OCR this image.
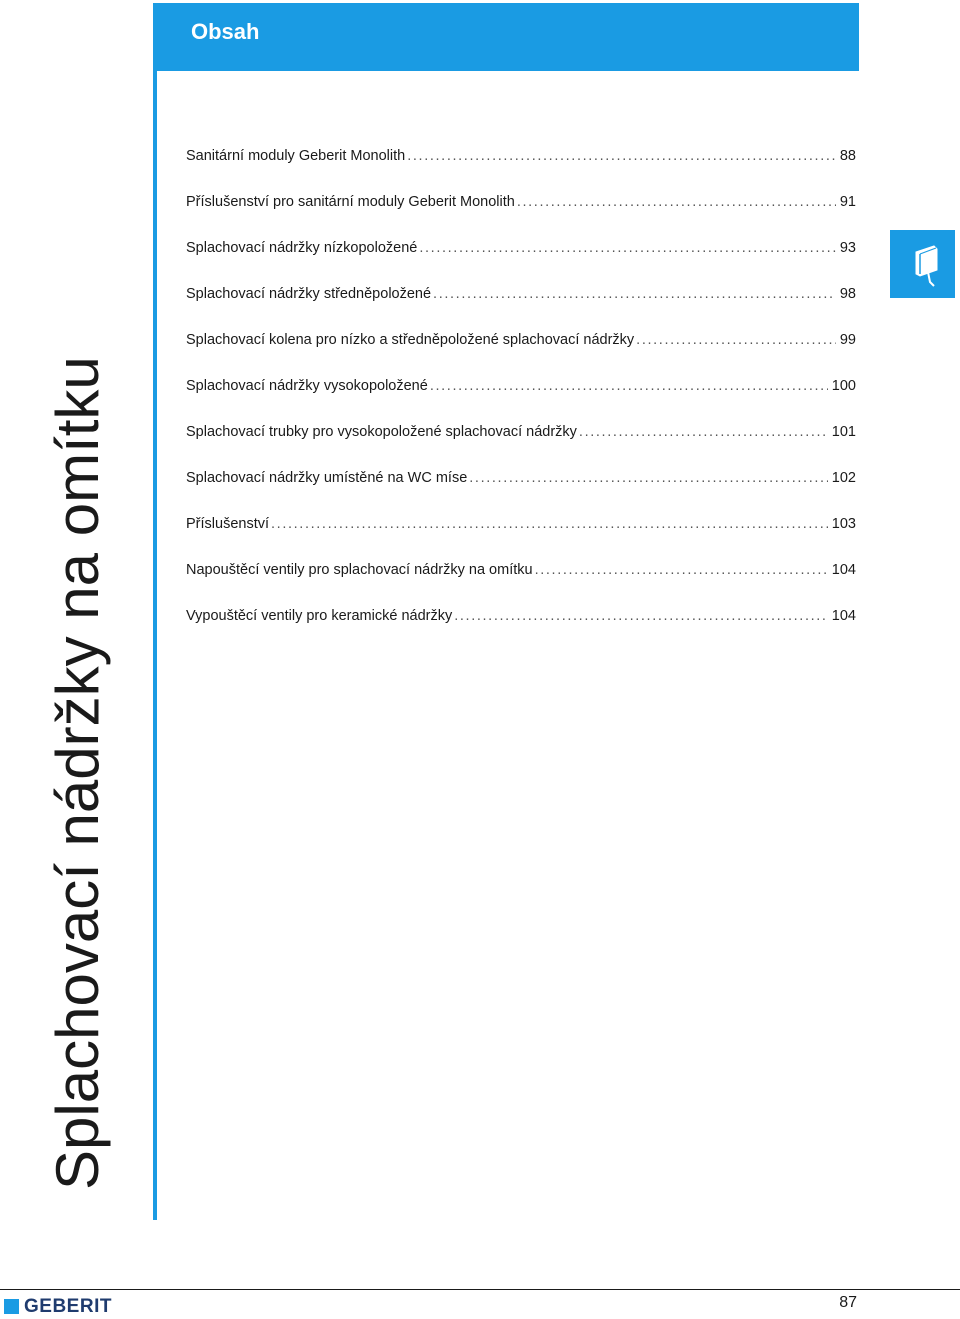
Obsah
Splachovací nádržky na omítku
Sanitární moduly Geberit Monolith . . .	88
Příslušenství pro sanitární moduly Geberit Monolith . . .	91
Splachovací nádržky nízkopoložené . . .	93
Splachovací nádržky středněpoložené . . .	98
Splachovací kolena pro nízko a středněpoložené splachovací nádržky . . .	99
Splachovací nádržky vysokopoložené . . .	100
Splachovací trubky pro vysokopoložené splachovací nádržky . . .	101
Splachovací nádržky umístěné na WC míse . . .	102
Příslušenství . . .	103
Napouštěcí ventily pro splachovací nádržky na omítku . . .	104
Vypouštěcí ventily pro keramické nádržky . . .	104
GEBERIT	87
